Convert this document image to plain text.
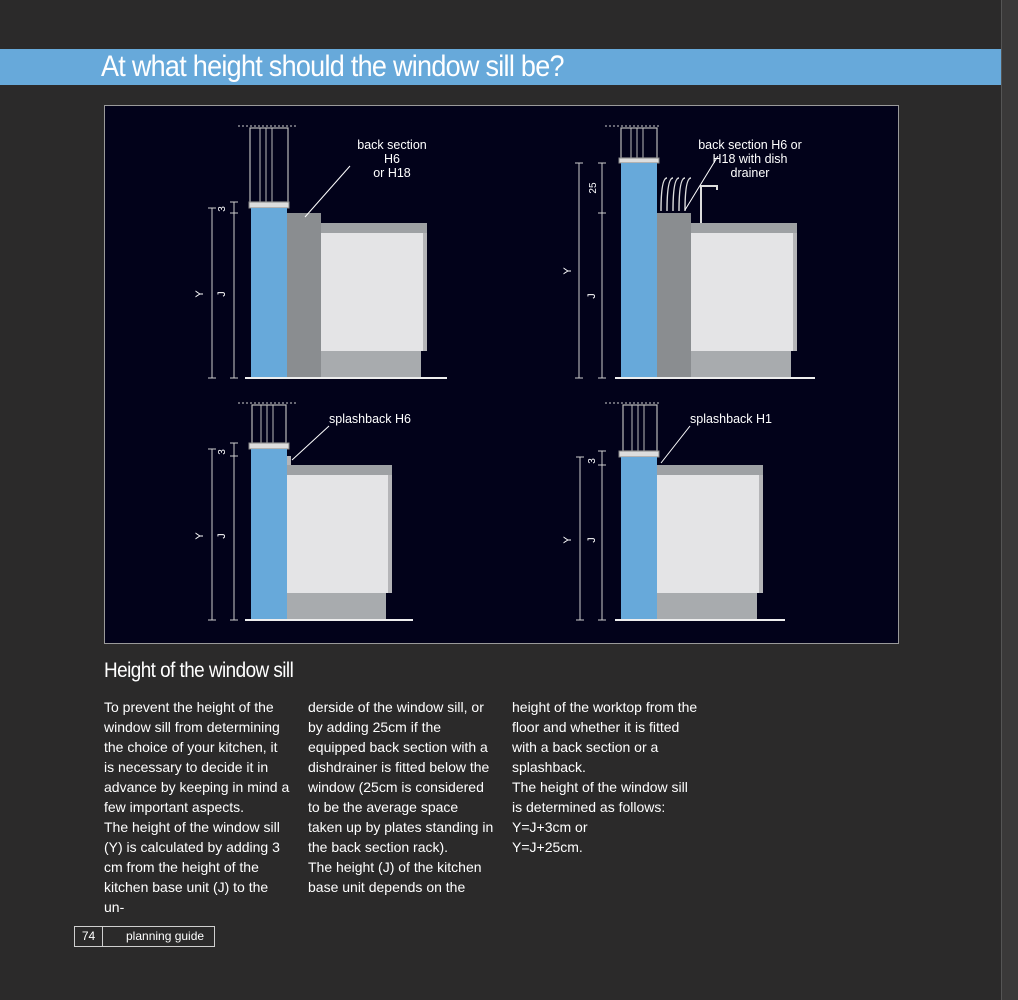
At what height should the window sill be?
Y J
3
back section
H6
or H18
Y
J
25
back section H6 or
H18 with dish
drainer
Y J
3
splashback H6
Y J
3
splashback H1
Height of the window sill

To prevent the height of the window sill from determining the choice of your kitchen, it is necessary to decide it in advance by keeping in mind a few important aspects.

The height of the window sill (Y) is calculated by adding 3 cm from the height of the kitchen base unit (J) to the un-

derside of the window sill, or by adding 25cm if the equipped back section with a dishdrainer is fitted below the window (25cm is considered to be the average space taken up by plates standing in the back section rack).

The height (J) of the kitchen base unit depends on the

height of the worktop from the floor and whether it is fitted with a back section or a splashback.

The height of the window sill is determined as follows:

Y=J+3cm or

Y=J+25cm.

74	planning guide
